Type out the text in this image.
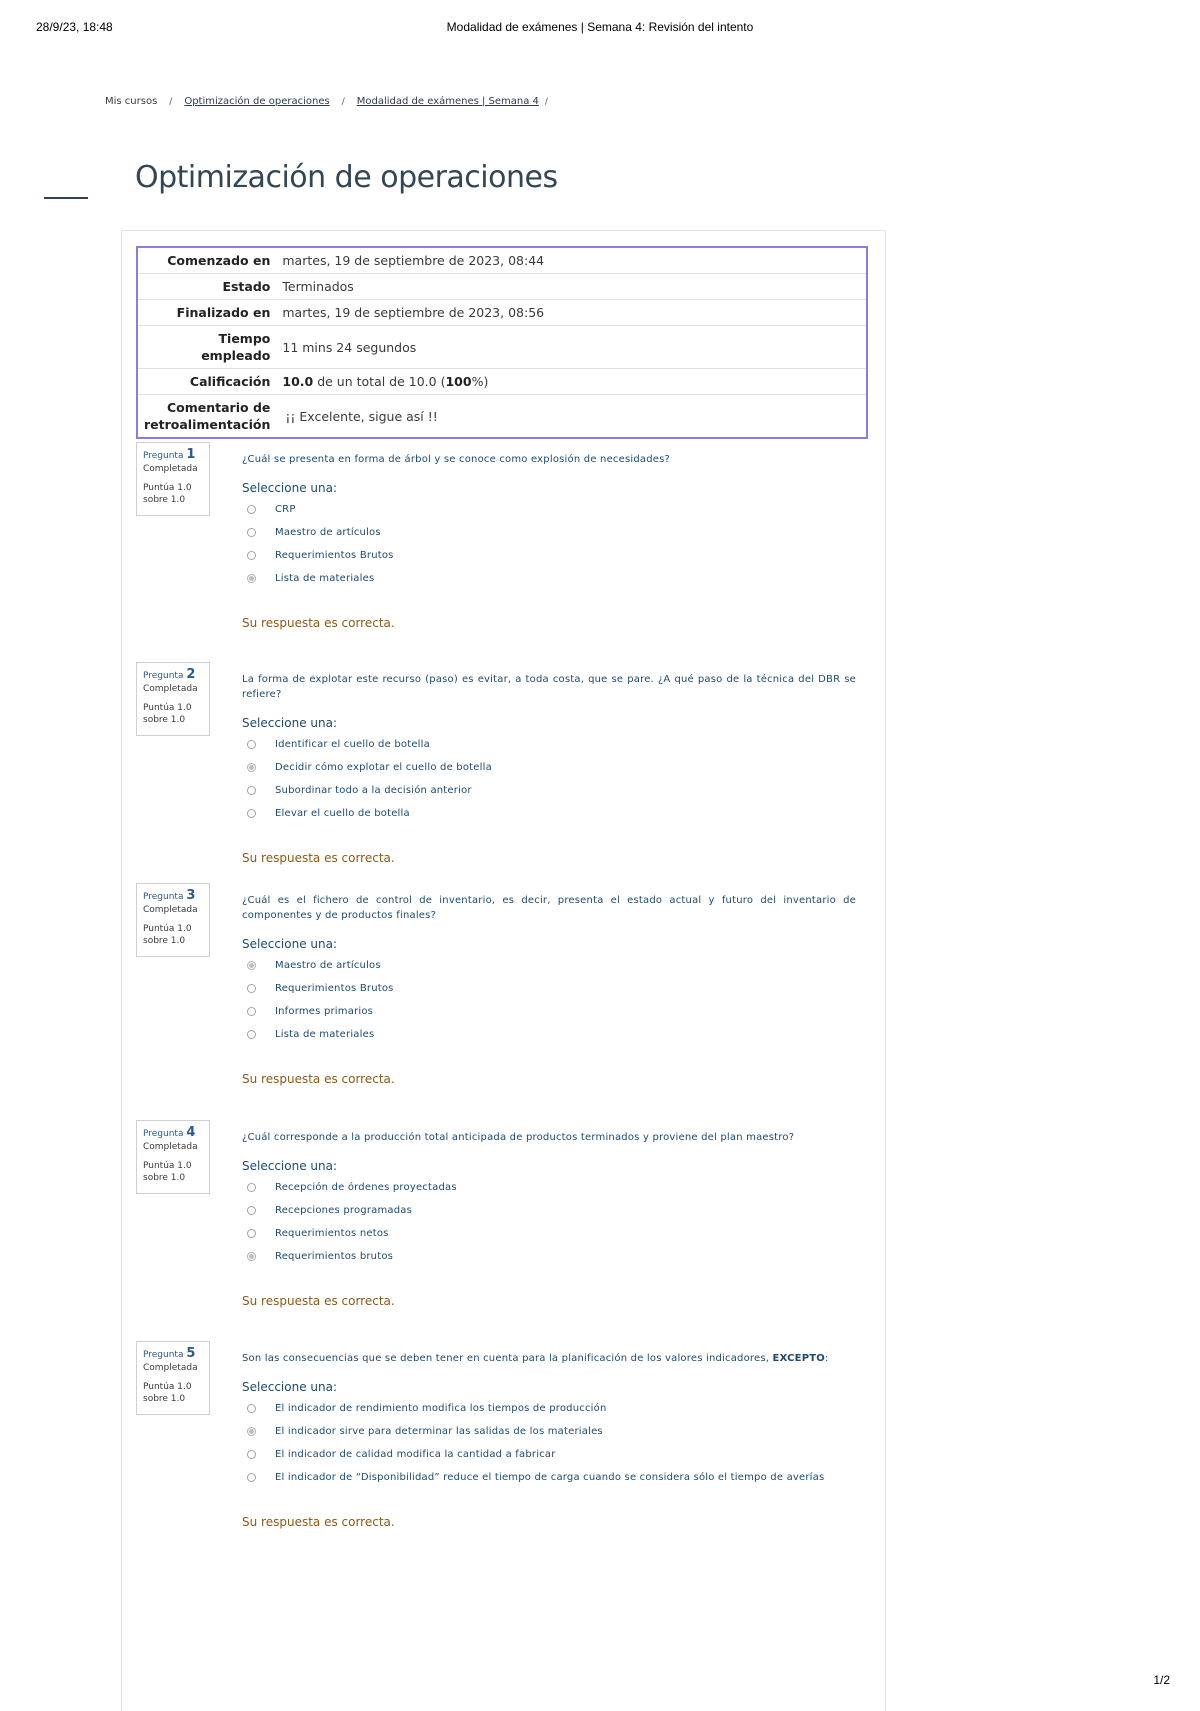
28/9/23, 18:48	Modalidad de exámenes | Semana 4: Revisión del intento
Mis cursos / Optimización de operaciones / Modalidad de exámenes | Semana 4 /
Optimización de operaciones
Comenzado en	martes, 19 de septiembre de 2023, 08:44
Estado	Terminados
Finalizado en	martes, 19 de septiembre de 2023, 08:56
Tiempo
empleado	11 mins 24 segundos
Calificación	10.0 de un total de 10.0 (100%)
Comentario de
retroalimentación	¡¡ Excelente, sigue así !!
Pregunta 1
Completada
Puntúa 1.0
sobre 1.0
¿Cuál se presenta en forma de árbol y se conoce como explosión de necesidades?
Seleccione una:
CRP
Maestro de artículos
Requerimientos Brutos
Lista de materiales
Su respuesta es correcta.
Pregunta 2
Completada
Puntúa 1.0
sobre 1.0
La forma de explotar este recurso (paso) es evitar, a toda costa, que se pare. ¿A qué paso de la técnica del DBR se refiere?
Seleccione una:
Identificar el cuello de botella
Decidir cómo explotar el cuello de botella
Subordinar todo a la decisión anterior
Elevar el cuello de botella
Su respuesta es correcta.
Pregunta 3
Completada
Puntúa 1.0
sobre 1.0
¿Cuál es el fichero de control de inventario, es decir, presenta el estado actual y futuro del inventario de componentes y de productos finales?
Seleccione una:
Maestro de artículos
Requerimientos Brutos
Informes primarios
Lista de materiales
Su respuesta es correcta.
Pregunta 4
Completada
Puntúa 1.0
sobre 1.0
¿Cuál corresponde a la producción total anticipada de productos terminados y proviene del plan maestro?
Seleccione una:
Recepción de órdenes proyectadas
Recepciones programadas
Requerimientos netos
Requerimientos brutos
Su respuesta es correcta.
Pregunta 5
Completada
Puntúa 1.0
sobre 1.0
Son las consecuencias que se deben tener en cuenta para la planificación de los valores indicadores, EXCEPTO:
Seleccione una:
El indicador de rendimiento modifica los tiempos de producción
El indicador sirve para determinar las salidas de los materiales
El indicador de calidad modifica la cantidad a fabricar
El indicador de “Disponibilidad” reduce el tiempo de carga cuando se considera sólo el tiempo de averías
Su respuesta es correcta.
1/2
